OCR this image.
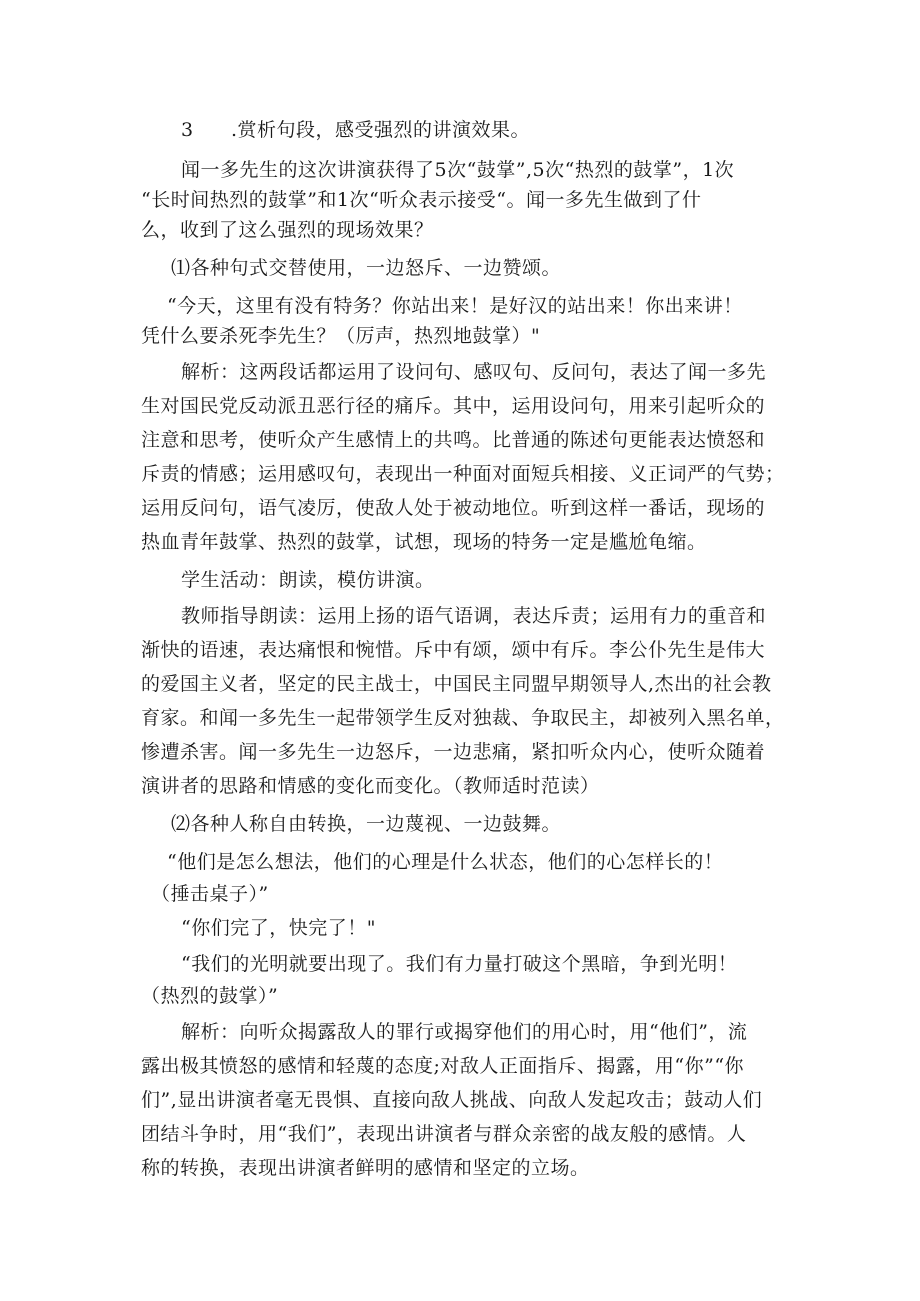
3 .赏析句段，感受强烈的讲演效果。
闻一多先生的这次讲演获得了5次“鼓掌”,5次“热烈的鼓掌”，1次
“长时间热烈的鼓掌”和1次“听众表示接受“。闻一多先生做到了什
么，收到了这么强烈的现场效果？
⑴各种句式交替使用，一边怒斥、一边赞颂。
“今天，这里有没有特务？你站出来！是好汉的站出来！你出来讲！
凭什么要杀死李先生？（厉声，热烈地鼓掌）"
解析：这两段话都运用了设问句、感叹句、反问句，表达了闻一多先
生对国民党反动派丑恶行径的痛斥。其中，运用设问句，用来引起听众的
注意和思考，使听众产生感情上的共鸣。比普通的陈述句更能表达愤怒和
斥责的情感；运用感叹句，表现出一种面对面短兵相接、义正词严的气势；
运用反问句，语气凌厉，使敌人处于被动地位。听到这样一番话，现场的
热血青年鼓掌、热烈的鼓掌，试想，现场的特务一定是尴尬龟缩。
学生活动：朗读，模仿讲演。
教师指导朗读：运用上扬的语气语调，表达斥责；运用有力的重音和
渐快的语速，表达痛恨和惋惜。斥中有颂，颂中有斥。李公仆先生是伟大
的爱国主义者，坚定的民主战士，中国民主同盟早期领导人,杰出的社会教
育家。和闻一多先生一起带领学生反对独裁、争取民主，却被列入黑名单，
惨遭杀害。闻一多先生一边怒斥，一边悲痛，紧扣听众内心，使听众随着
演讲者的思路和情感的变化而变化。（教师适时范读）
⑵各种人称自由转换，一边蔑视、一边鼓舞。
“他们是怎么想法，他们的心理是什么状态，他们的心怎样长的！
（捶击桌子）”
“你们完了，快完了！"
“我们的光明就要出现了。我们有力量打破这个黑暗，争到光明！
（热烈的鼓掌）”
解析：向听众揭露敌人的罪行或揭穿他们的用心时，用“他们”，流
露出极其愤怒的感情和轻蔑的态度;对敌人正面指斥、揭露，用“你”“你
们”,显出讲演者毫无畏惧、直接向敌人挑战、向敌人发起攻击；鼓动人们
团结斗争时，用“我们”，表现出讲演者与群众亲密的战友般的感情。人
称的转换，表现出讲演者鲜明的感情和坚定的立场。
